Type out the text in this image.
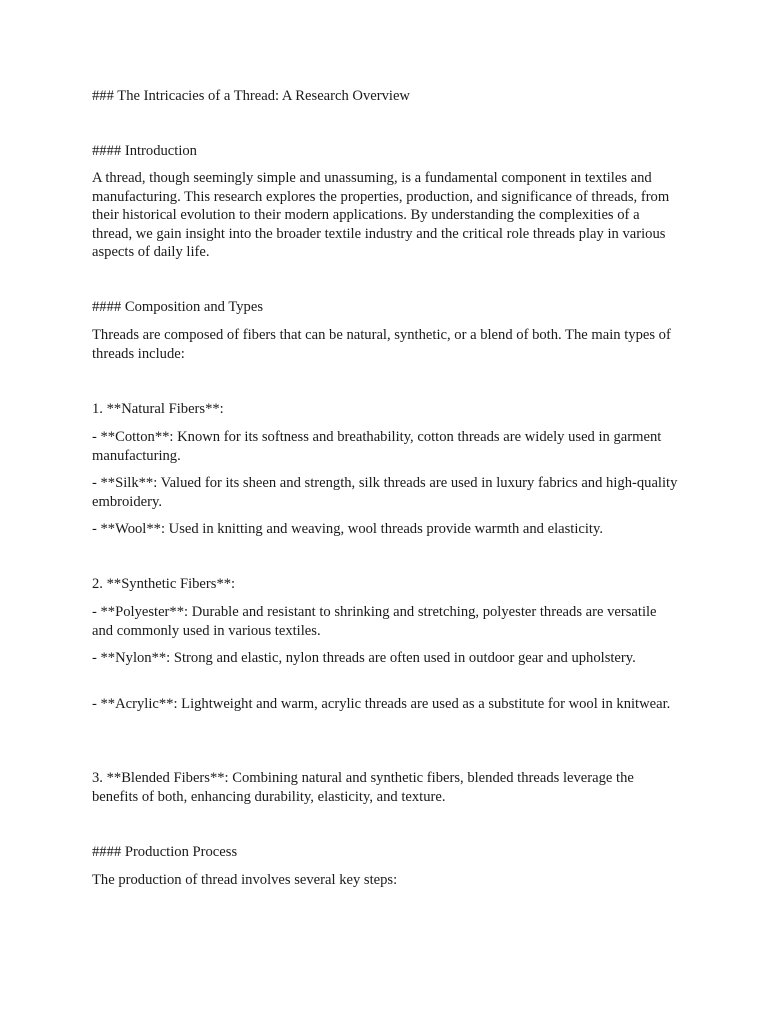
### The Intricacies of a Thread: A Research Overview

#### Introduction

A thread, though seemingly simple and unassuming, is a fundamental component in textiles and manufacturing. This research explores the properties, production, and significance of threads, from their historical evolution to their modern applications. By understanding the complexities of a thread, we gain insight into the broader textile industry and the critical role threads play in various aspects of daily life.

#### Composition and Types

Threads are composed of fibers that can be natural, synthetic, or a blend of both. The main types of threads include:

1. **Natural Fibers**:

- **Cotton**: Known for its softness and breathability, cotton threads are widely used in garment manufacturing.

- **Silk**: Valued for its sheen and strength, silk threads are used in luxury fabrics and high-quality embroidery.

- **Wool**: Used in knitting and weaving, wool threads provide warmth and elasticity.

2. **Synthetic Fibers**:

- **Polyester**: Durable and resistant to shrinking and stretching, polyester threads are versatile and commonly used in various textiles.

- **Nylon**: Strong and elastic, nylon threads are often used in outdoor gear and upholstery.

- **Acrylic**: Lightweight and warm, acrylic threads are used as a substitute for wool in knitwear.

3. **Blended Fibers**: Combining natural and synthetic fibers, blended threads leverage the benefits of both, enhancing durability, elasticity, and texture.

#### Production Process

The production of thread involves several key steps:
